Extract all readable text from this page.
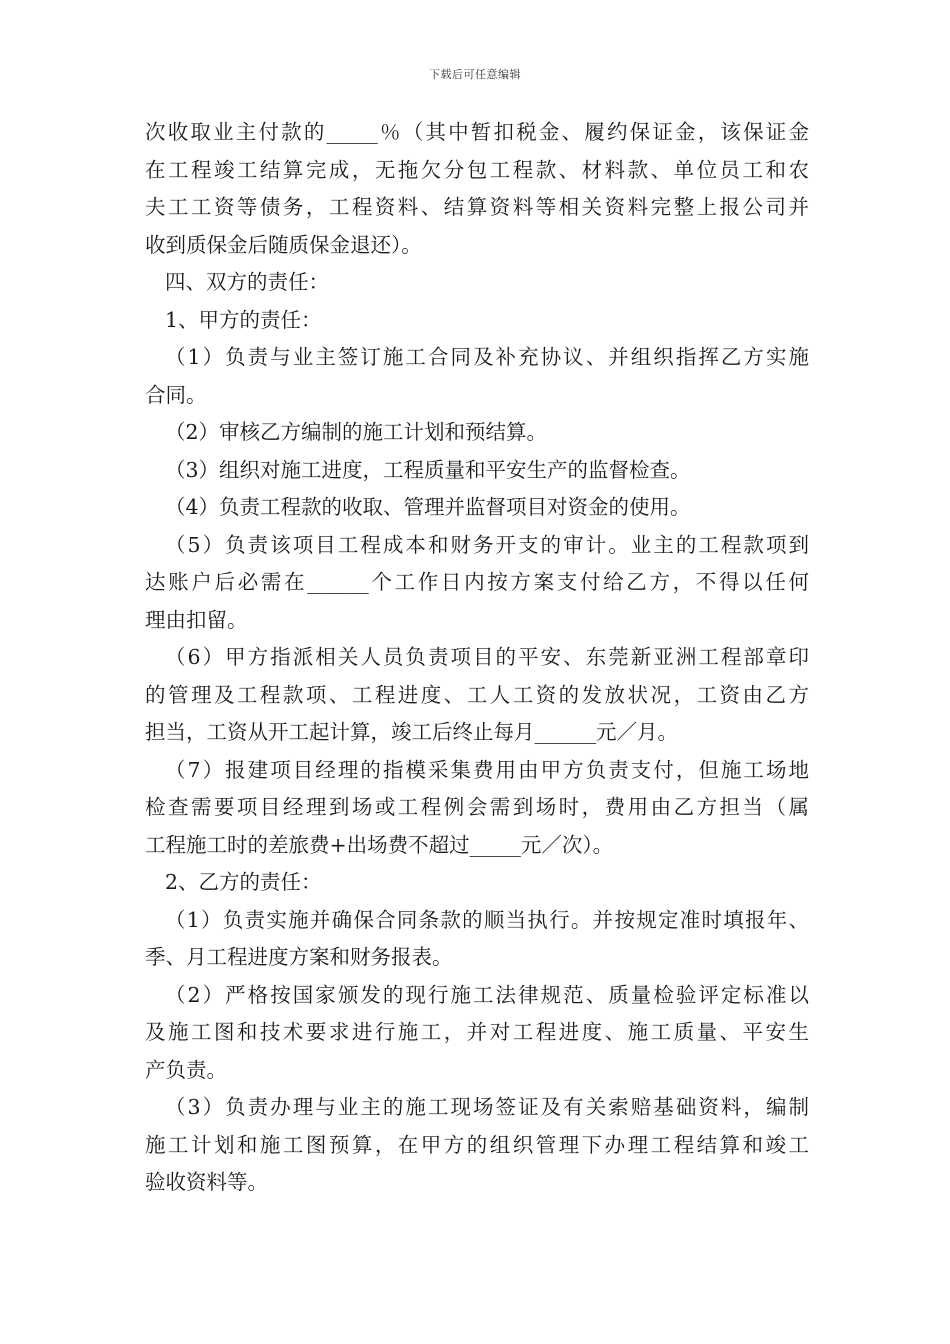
下载后可任意编辑
次收取业主付款的_____％（其中暂扣税金、履约保证金，该保证金
在工程竣工结算完成，无拖欠分包工程款、材料款、单位员工和农
夫工工资等债务，工程资料、结算资料等相关资料完整上报公司并
收到质保金后随质保金退还）。
四、双方的责任：
1、甲方的责任：
（1）负责与业主签订施工合同及补充协议、并组织指挥乙方实施
合同。
（2）审核乙方编制的施工计划和预结算。
（3）组织对施工进度，工程质量和平安生产的监督检查。
（4）负责工程款的收取、管理并监督项目对资金的使用。
（5）负责该项目工程成本和财务开支的审计。业主的工程款项到
达账户后必需在______个工作日内按方案支付给乙方，不得以任何
理由扣留。
（6）甲方指派相关人员负责项目的平安、东莞新亚洲工程部章印
的管理及工程款项、工程进度、工人工资的发放状况，工资由乙方
担当，工资从开工起计算，竣工后终止每月______元／月。
（7）报建项目经理的指模采集费用由甲方负责支付，但施工场地
检查需要项目经理到场或工程例会需到场时，费用由乙方担当（属
工程施工时的差旅费+出场费不超过_____元／次）。
2、乙方的责任：
（1）负责实施并确保合同条款的顺当执行。并按规定准时填报年、
季、月工程进度方案和财务报表。
（2）严格按国家颁发的现行施工法律规范、质量检验评定标准以
及施工图和技术要求进行施工，并对工程进度、施工质量、平安生
产负责。
（3）负责办理与业主的施工现场签证及有关索赔基础资料，编制
施工计划和施工图预算，在甲方的组织管理下办理工程结算和竣工
验收资料等。
